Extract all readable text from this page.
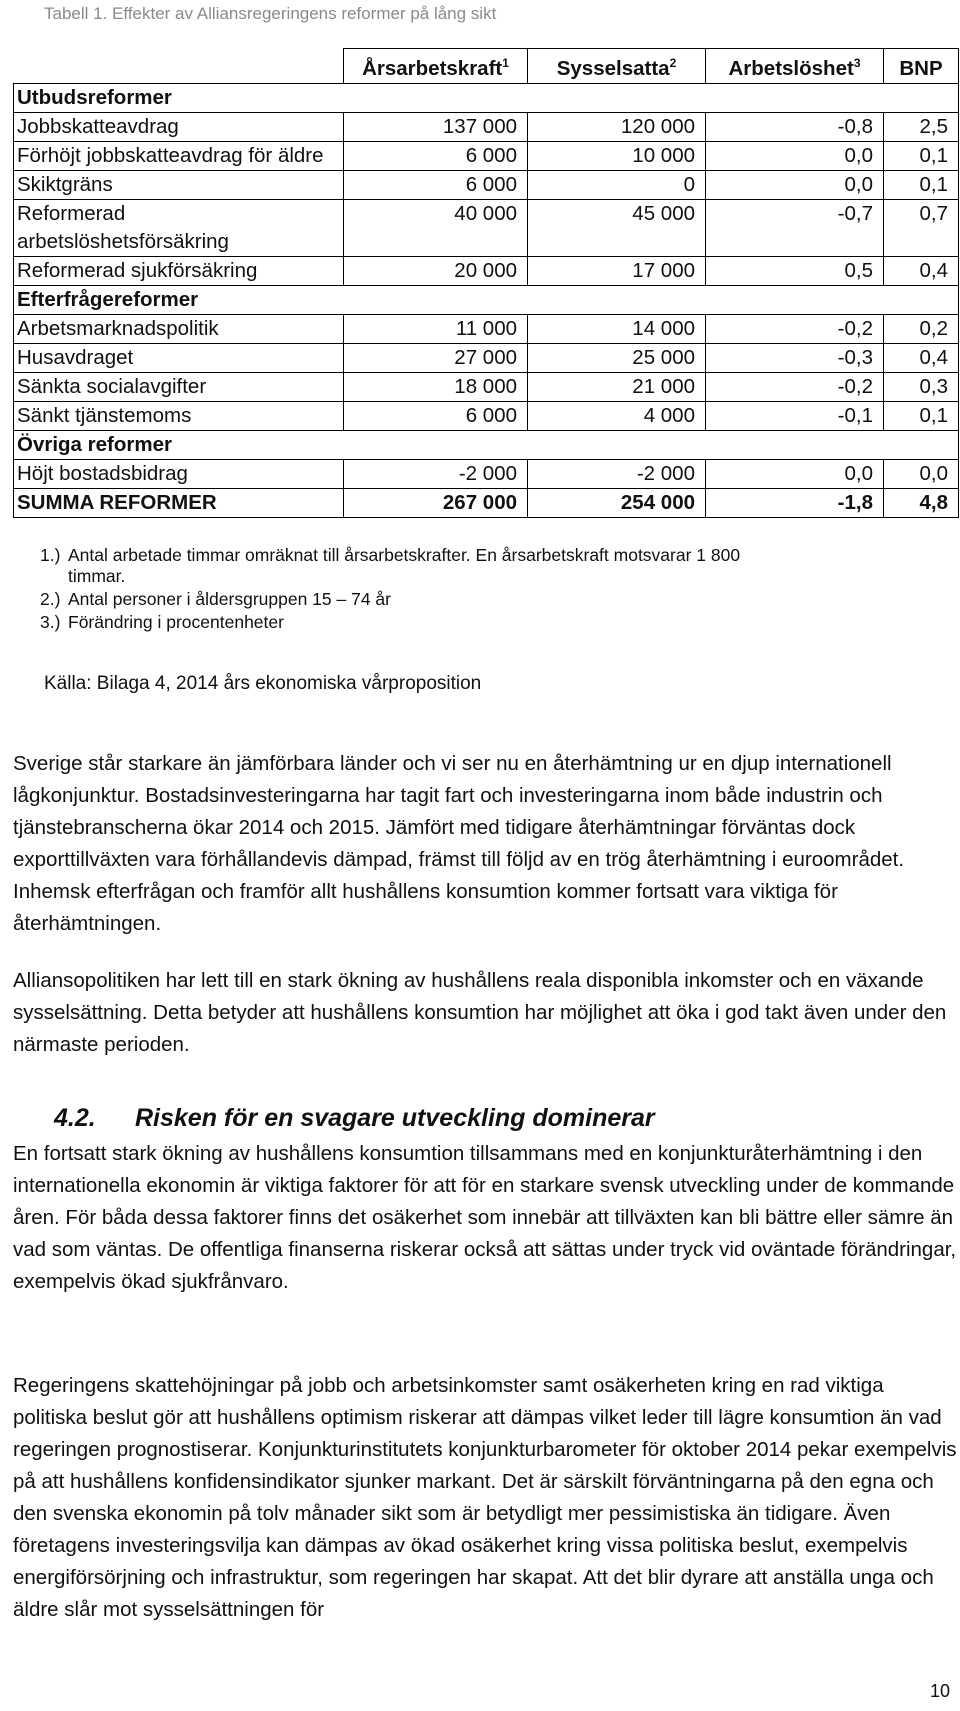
Tabell 1. Effekter av Alliansregeringens reformer på lång sikt
	Årsarbetskraft$^1$	Sysselsatta$^2$	Arbetslöshet$^3$	BNP
Utbudsreformer				
Jobbskatteavdrag	137 000	120 000	-0,8	2,5
Förhöjt jobbskatteavdrag för äldre	6 000	10 000	0,0	0,1
Skiktgräns	6 000	0	0,0	0,1
Reformerad arbetslöshetsförsäkring	40 000	45 000	-0,7	0,7
Reformerad sjukförsäkring	20 000	17 000	0,5	0,4
Efterfrågereformer				
Arbetsmarknadspolitik	11 000	14 000	-0,2	0,2
Husavdraget	27 000	25 000	-0,3	0,4
Sänkta socialavgifter	18 000	21 000	-0,2	0,3
Sänkt tjänstemoms	6 000	4 000	-0,1	0,1
Övriga reformer				
Höjt bostadsbidrag	-2 000	-2 000	0,0	0,0
SUMMA REFORMER	267 000	254 000	-1,8	4,8

1.) Antal arbetade timmar omräknat till årsarbetskrafter. En årsarbetskraft motsvarar 1 800

timmar.

2.) Antal personer i åldersgruppen 15 – 74 år

3.) Förändring i procentenheter

Källa: Bilaga 4, 2014 års ekonomiska vårproposition

Sverige står starkare än jämförbara länder och vi ser nu en återhämtning ur en djup internationell lågkonjunktur. Bostadsinvesteringarna har tagit fart och investeringarna inom både industrin och tjänstebranscherna ökar 2014 och 2015. Jämfört med tidigare återhämtningar förväntas dock exporttillväxten vara förhållandevis dämpad, främst till följd av en trög återhämtning i euroområdet. Inhemsk efterfrågan och framför allt hushållens konsumtion kommer fortsatt vara viktiga för återhämtningen.

Alliansopolitiken har lett till en stark ökning av hushållens reala disponibla inkomster och en växande sysselsättning. Detta betyder att hushållens konsumtion har möjlighet att öka i god takt även under den närmaste perioden.

4.2. Risken för en svagare utveckling dominerar

En fortsatt stark ökning av hushållens konsumtion tillsammans med en konjunkturåterhämtning i den internationella ekonomin är viktiga faktorer för att för en starkare svensk utveckling under de kommande åren. För båda dessa faktorer finns det osäkerhet som innebär att tillväxten kan bli bättre eller sämre än vad som väntas. De offentliga finanserna riskerar också att sättas under tryck vid oväntade förändringar, exempelvis ökad sjukfrånvaro.

Regeringens skattehöjningar på jobb och arbetsinkomster samt osäkerheten kring en rad viktiga politiska beslut gör att hushållens optimism riskerar att dämpas vilket leder till lägre konsumtion än vad regeringen prognostiserar. Konjunkturinstitutets konjunkturbarometer för oktober 2014 pekar exempelvis på att hushållens konfidensindikator sjunker markant. Det är särskilt förväntningarna på den egna och den svenska ekonomin på tolv månader sikt som är betydligt mer pessimistiska än tidigare. Även företagens investeringsvilja kan dämpas av ökad osäkerhet kring vissa politiska beslut, exempelvis energiförsörjning och infrastruktur, som regeringen har skapat. Att det blir dyrare att anställa unga och äldre slår mot sysselsättningen för

10
